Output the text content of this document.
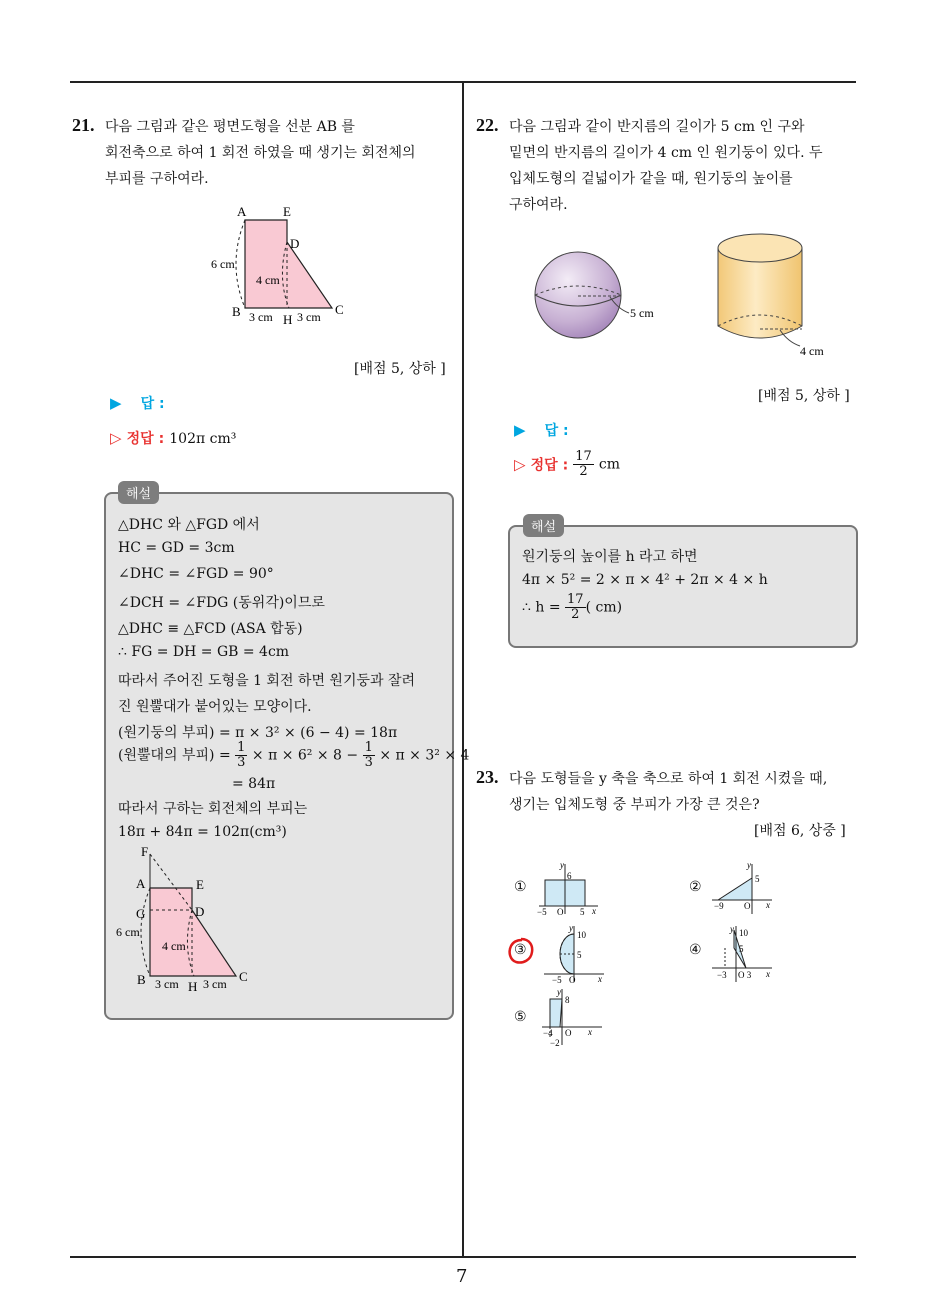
7
21. 다음 그림과 같은 평면도형을 선분 AB 를
회전축으로 하여 1 회전 하였을 때 생기는 회전체의
부피를 구하여라.
A	E
D
B	C
H
6 cm
4 cm
3 cm 3 cm
[배점 5, 상하 ]
▶ 답 :
▷ 정답 : 102π cm³
해설
△DHC 와 △FGD 에서
HC = GD = 3cm
∠DHC = ∠FGD = 90°
∠DCH = ∠FDG (동위각)이므로
△DHC ≡ △FCD (ASA 합동)
∴ FG = DH = GB = 4cm
따라서 주어진 도형을 1 회전 하면 원기둥과 잘려
진 원뿔대가 붙어있는 모양이다.
(원기둥의 부피) = π × 3² × (6 − 4) = 18π
(원뿔대의 부피) = $\frac{1}{3} \times \pi \times 6^2 \times 8 - \frac{1}{3} \times \pi \times 3^2 \times 4$
= 84π
따라서 구하는 회전체의 부피는
18π + 84π = 102π(cm³)
F
A	E
G	D
B	C
H
6 cm
4 cm
3 cm 3 cm
22. 다음 그림과 같이 반지름의 길이가 5 cm 인 구와
밑면의 반지름의 길이가 4 cm 인 원기둥이 있다. 두
입체도형의 겉넓이가 같을 때, 원기둥의 높이를
구하여라.
5 cm
4 cm
[배점 5, 상하 ]
▶ 답 :
▷ 정답 : $\frac{17}{2}$ cm
해설
원기둥의 높이를 h 라고 하면
4π × 5² = 2 × π × 4² + 2π × 4 × h
∴ $h = \frac{17}{2}$ ( cm)
23. 다음 도형들을 y 축을 축으로 하여 1 회전 시켰을 때,
생기는 입체도형 중 부피가 가장 큰 것은?
[배점 6, 상중 ]
①
y
6
−5 O 5 x
②
y
5
−9 O x
③
y
10
5
−5 O	x
④
y 10
5
−3 O 3 x
⑤
y
8
−4 O
−2
x
